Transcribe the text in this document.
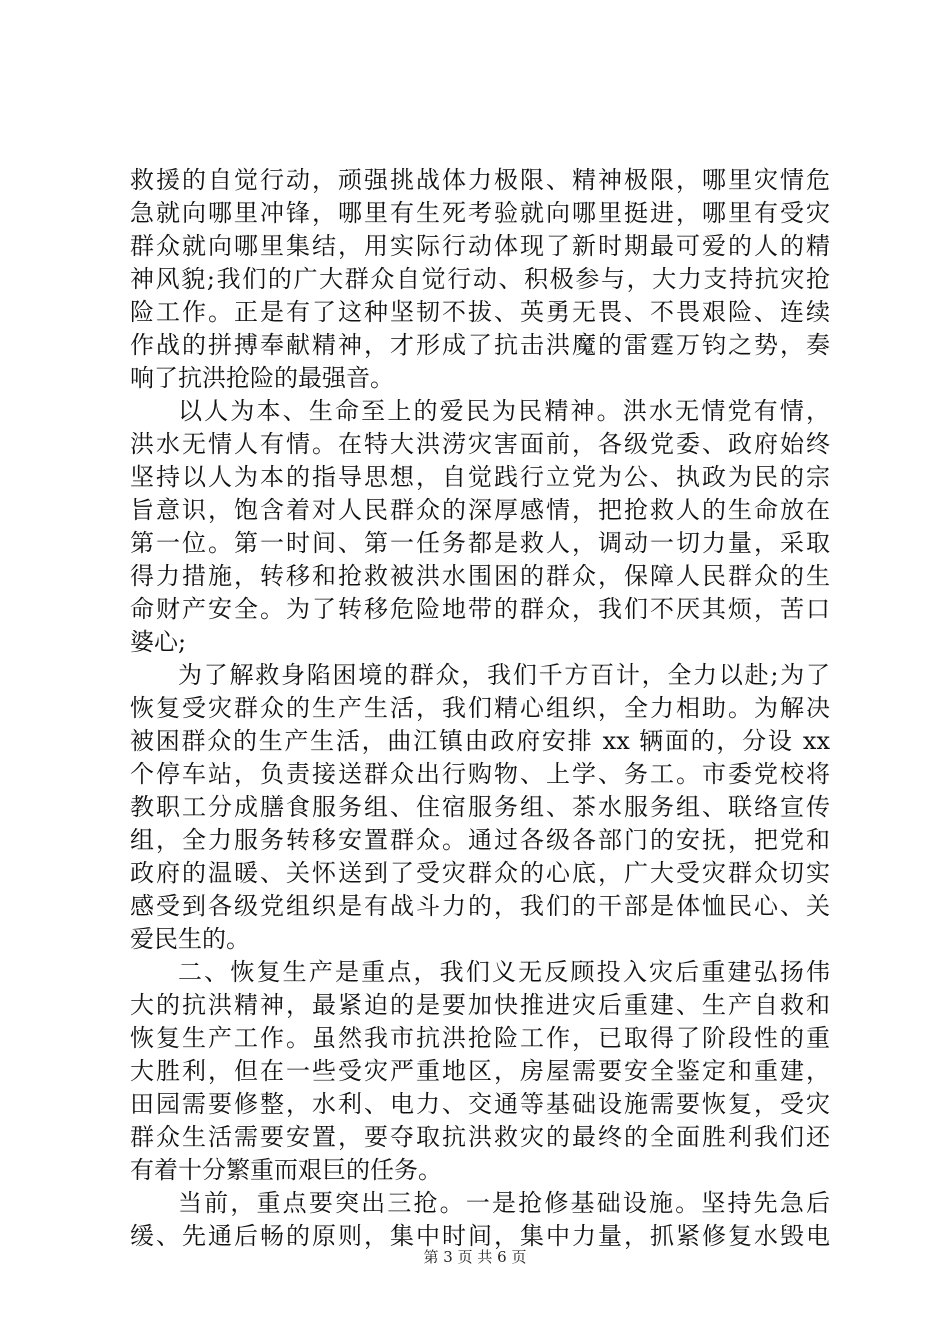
救援的自觉行动，顽强挑战体力极限、精神极限，哪里灾情危
急就向哪里冲锋，哪里有生死考验就向哪里挺进，哪里有受灾
群众就向哪里集结，用实际行动体现了新时期最可爱的人的精
神风貌;我们的广大群众自觉行动、积极参与，大力支持抗灾抢
险工作。正是有了这种坚韧不拔、英勇无畏、不畏艰险、连续
作战的拼搏奉献精神，才形成了抗击洪魔的雷霆万钧之势，奏
响了抗洪抢险的最强音。
以人为本、生命至上的爱民为民精神。洪水无情党有情，
洪水无情人有情。在特大洪涝灾害面前，各级党委、政府始终
坚持以人为本的指导思想，自觉践行立党为公、执政为民的宗
旨意识，饱含着对人民群众的深厚感情，把抢救人的生命放在
第一位。第一时间、第一任务都是救人，调动一切力量，采取
得力措施，转移和抢救被洪水围困的群众，保障人民群众的生
命财产安全。为了转移危险地带的群众，我们不厌其烦，苦口
婆心;
为了解救身陷困境的群众，我们千方百计，全力以赴;为了
恢复受灾群众的生产生活，我们精心组织，全力相助。为解决
被困群众的生产生活，曲江镇由政府安排 xx 辆面的，分设 xx
个停车站，负责接送群众出行购物、上学、务工。市委党校将
教职工分成膳食服务组、住宿服务组、茶水服务组、联络宣传
组，全力服务转移安置群众。通过各级各部门的安抚，把党和
政府的温暖、关怀送到了受灾群众的心底，广大受灾群众切实
感受到各级党组织是有战斗力的，我们的干部是体恤民心、关
爱民生的。
二、恢复生产是重点，我们义无反顾投入灾后重建弘扬伟
大的抗洪精神，最紧迫的是要加快推进灾后重建、生产自救和
恢复生产工作。虽然我市抗洪抢险工作，已取得了阶段性的重
大胜利，但在一些受灾严重地区，房屋需要安全鉴定和重建，
田园需要修整，水利、电力、交通等基础设施需要恢复，受灾
群众生活需要安置，要夺取抗洪救灾的最终的全面胜利我们还
有着十分繁重而艰巨的任务。
当前，重点要突出三抢。一是抢修基础设施。坚持先急后
缓、先通后畅的原则，集中时间，集中力量，抓紧修复水毁电
第 3 页 共 6 页
